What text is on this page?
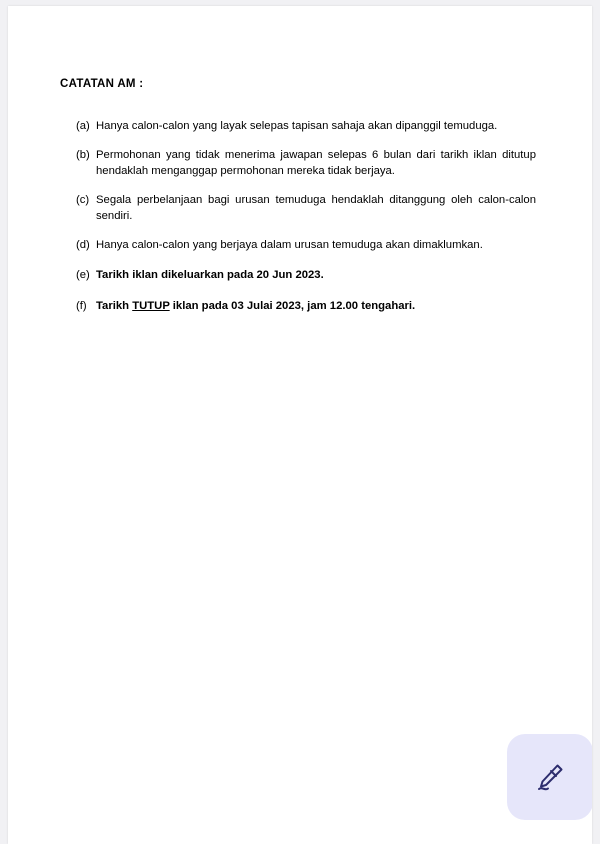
CATATAN AM :
(a) Hanya calon-calon yang layak selepas tapisan sahaja akan dipanggil temuduga.
(b) Permohonan yang tidak menerima jawapan selepas 6 bulan dari tarikh iklan ditutup hendaklah menganggap permohonan mereka tidak berjaya.
(c) Segala perbelanjaan bagi urusan temuduga hendaklah ditanggung oleh calon-calon sendiri.
(d) Hanya calon-calon yang berjaya dalam urusan temuduga akan dimaklumkan.
(e) Tarikh iklan dikeluarkan pada 20 Jun 2023.
(f) Tarikh TUTUP iklan pada 03 Julai 2023, jam 12.00 tengahari.
